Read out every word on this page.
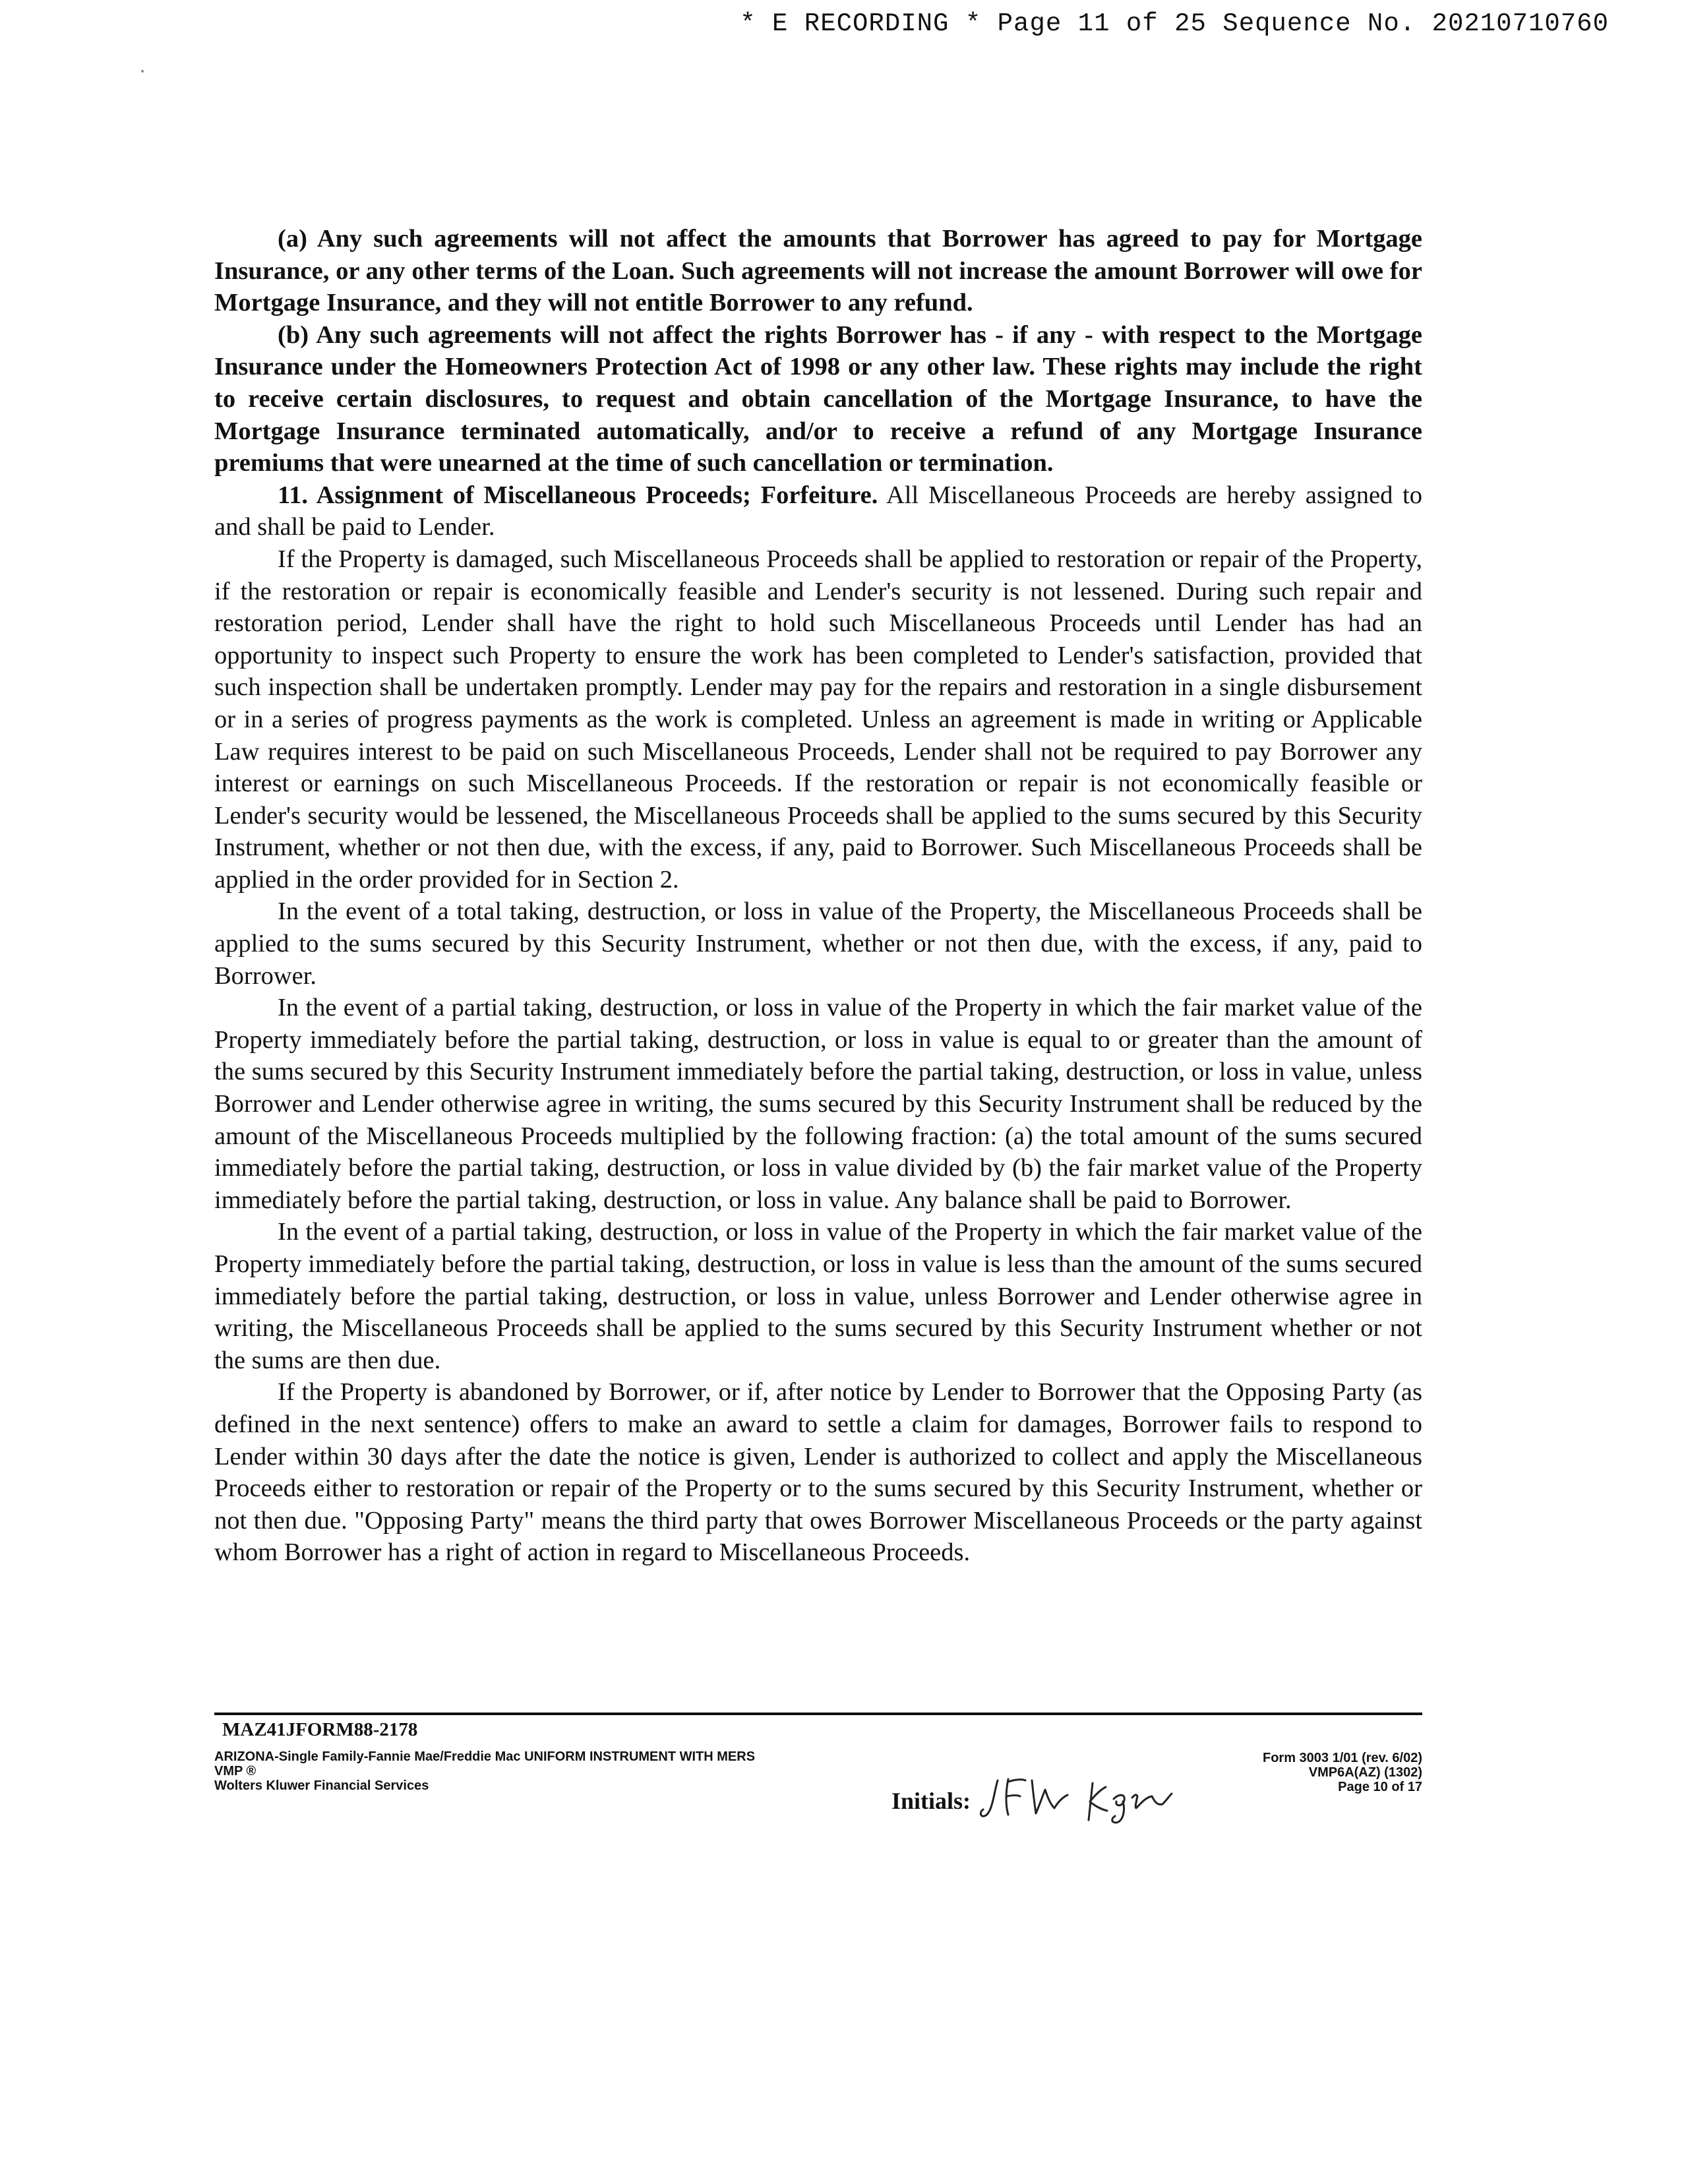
* E RECORDING * Page 11 of 25 Sequence No. 20210710760

(a) Any such agreements will not affect the amounts that Borrower has agreed to pay for Mortgage Insurance, or any other terms of the Loan. Such agreements will not increase the amount Borrower will owe for Mortgage Insurance, and they will not entitle Borrower to any refund.

(b) Any such agreements will not affect the rights Borrower has - if any - with respect to the Mortgage Insurance under the Homeowners Protection Act of 1998 or any other law. These rights may include the right to receive certain disclosures, to request and obtain cancellation of the Mortgage Insurance, to have the Mortgage Insurance terminated automatically, and/or to receive a refund of any Mortgage Insurance premiums that were unearned at the time of such cancellation or termination.

11. Assignment of Miscellaneous Proceeds; Forfeiture. All Miscellaneous Proceeds are hereby assigned to and shall be paid to Lender.

If the Property is damaged, such Miscellaneous Proceeds shall be applied to restoration or repair of the Property, if the restoration or repair is economically feasible and Lender's security is not lessened. During such repair and restoration period, Lender shall have the right to hold such Miscellaneous Proceeds until Lender has had an opportunity to inspect such Property to ensure the work has been completed to Lender's satisfaction, provided that such inspection shall be undertaken promptly. Lender may pay for the repairs and restoration in a single disbursement or in a series of progress payments as the work is completed. Unless an agreement is made in writing or Applicable Law requires interest to be paid on such Miscellaneous Proceeds, Lender shall not be required to pay Borrower any interest or earnings on such Miscellaneous Proceeds. If the restoration or repair is not economically feasible or Lender's security would be lessened, the Miscellaneous Proceeds shall be applied to the sums secured by this Security Instrument, whether or not then due, with the excess, if any, paid to Borrower. Such Miscellaneous Proceeds shall be applied in the order provided for in Section 2.

In the event of a total taking, destruction, or loss in value of the Property, the Miscellaneous Proceeds shall be applied to the sums secured by this Security Instrument, whether or not then due, with the excess, if any, paid to Borrower.

In the event of a partial taking, destruction, or loss in value of the Property in which the fair market value of the Property immediately before the partial taking, destruction, or loss in value is equal to or greater than the amount of the sums secured by this Security Instrument immediately before the partial taking, destruction, or loss in value, unless Borrower and Lender otherwise agree in writing, the sums secured by this Security Instrument shall be reduced by the amount of the Miscellaneous Proceeds multiplied by the following fraction: (a) the total amount of the sums secured immediately before the partial taking, destruction, or loss in value divided by (b) the fair market value of the Property immediately before the partial taking, destruction, or loss in value. Any balance shall be paid to Borrower.

In the event of a partial taking, destruction, or loss in value of the Property in which the fair market value of the Property immediately before the partial taking, destruction, or loss in value is less than the amount of the sums secured immediately before the partial taking, destruction, or loss in value, unless Borrower and Lender otherwise agree in writing, the Miscellaneous Proceeds shall be applied to the sums secured by this Security Instrument whether or not the sums are then due.

If the Property is abandoned by Borrower, or if, after notice by Lender to Borrower that the Opposing Party (as defined in the next sentence) offers to make an award to settle a claim for damages, Borrower fails to respond to Lender within 30 days after the date the notice is given, Lender is authorized to collect and apply the Miscellaneous Proceeds either to restoration or repair of the Property or to the sums secured by this Security Instrument, whether or not then due. "Opposing Party" means the third party that owes Borrower Miscellaneous Proceeds or the party against whom Borrower has a right of action in regard to Miscellaneous Proceeds.

MAZ41JFORM88-2178
ARIZONA-Single Family-Fannie Mae/Freddie Mac UNIFORM INSTRUMENT WITH MERS
VMP ®
Wolters Kluwer Financial Services
Initials:
Form 3003 1/01 (rev. 6/02)
VMP6A(AZ) (1302)
Page 10 of 17
